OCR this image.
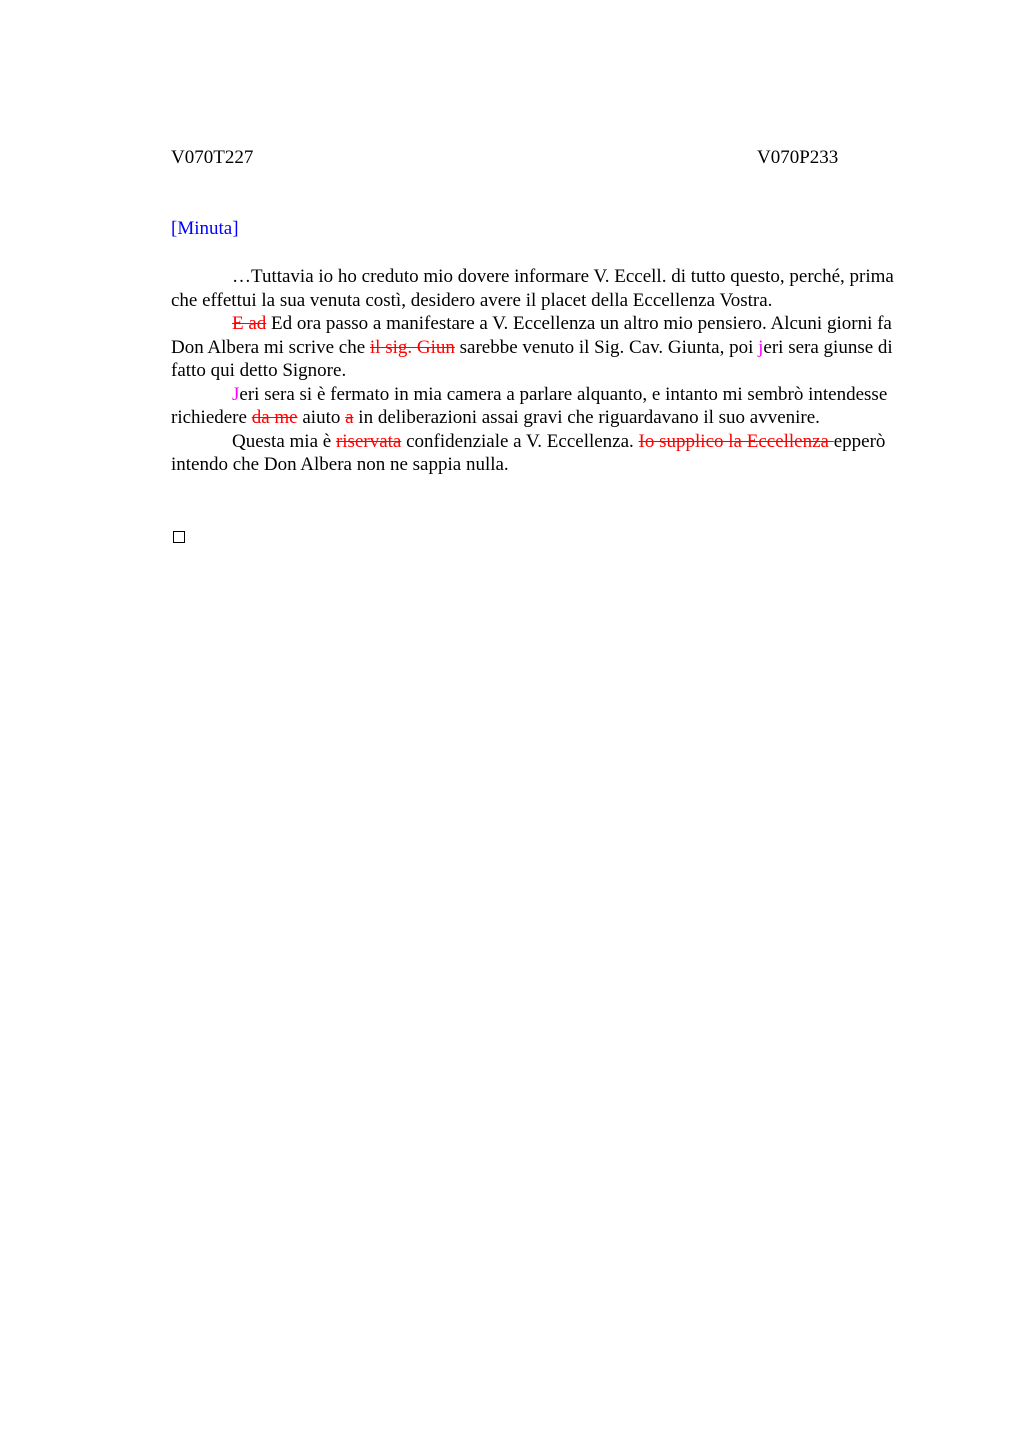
V070T227	V070P233
[Minuta]

…Tuttavia io ho creduto mio dovere informare V. Eccell. di tutto questo, perché, prima che effettui la sua venuta costì, desidero avere il placet della Eccellenza Vostra.

E ad Ed ora passo a manifestare a V. Eccellenza un altro mio pensiero. Alcuni giorni fa Don Albera mi scrive che il sig. Giun sarebbe venuto il Sig. Cav. Giunta, poi jeri sera giunse di fatto qui detto Signore.

Jeri sera si è fermato in mia camera a parlare alquanto, e intanto mi sembrò intendesse richiedere da me aiuto a in deliberazioni assai gravi che riguardavano il suo avvenire.

Questa mia è riservata confidenziale a V. Eccellenza. Io supplico la Eccellenza epperò intendo che Don Albera non ne sappia nulla.
